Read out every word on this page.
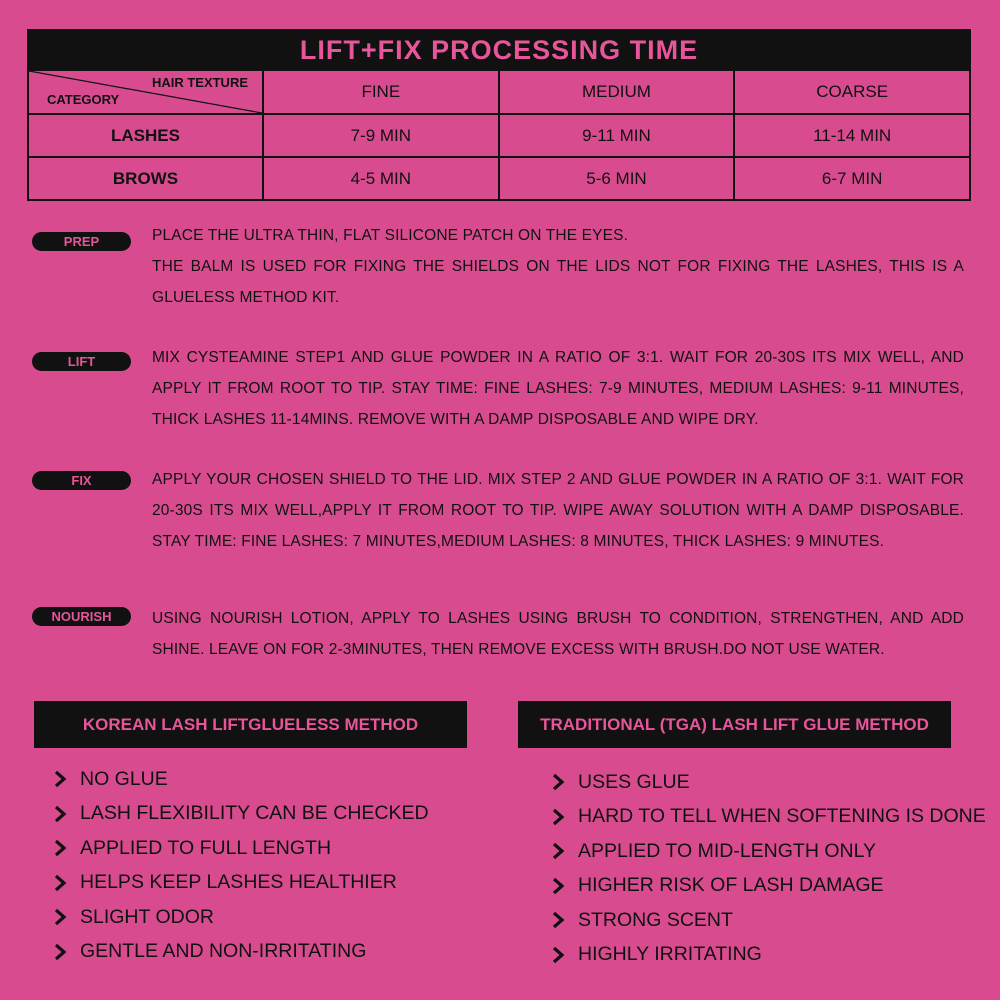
LIFT+FIX PROCESSING TIME
HAIR TEXTURE
CATEGORY	FINE	MEDIUM	COARSE
LASHES	7-9 MIN	9-11 MIN	11-14 MIN
BROWS	4-5 MIN	5-6 MIN	6-7 MIN
PREP	PLACE THE ULTRA THIN, FLAT SILICONE PATCH ON THE EYES.

THE BALM IS USED FOR FIXING THE SHIELDS ON THE LIDS NOT FOR FIXING THE LASHES, THIS IS A GLUELESS METHOD KIT.

LIFT	MIX CYSTEAMINE STEP1 AND GLUE POWDER IN A RATIO OF 3:1. WAIT FOR 20-30S ITS MIX WELL, AND APPLY IT FROM ROOT TO TIP. STAY TIME: FINE LASHES: 7-9 MINUTES, MEDIUM LASHES: 9-11 MINUTES, THICK LASHES 11-14MINS. REMOVE WITH A DAMP DISPOSABLE AND WIPE DRY.

FIX	APPLY YOUR CHOSEN SHIELD TO THE LID. MIX STEP 2 AND GLUE POWDER IN A RATIO OF 3:1. WAIT FOR 20-30S ITS MIX WELL,APPLY IT FROM ROOT TO TIP. WIPE AWAY SOLUTION WITH A DAMP DISPOSABLE. STAY TIME: FINE LASHES: 7 MINUTES,MEDIUM LASHES: 8 MINUTES, THICK LASHES: 9 MINUTES.

NOURISH	USING NOURISH LOTION, APPLY TO LASHES USING BRUSH TO CONDITION, STRENGTHEN, AND ADD SHINE. LEAVE ON FOR 2-3MINUTES, THEN REMOVE EXCESS WITH BRUSH.DO NOT USE WATER.

KOREAN LASH LIFTGLUELESS METHOD	TRADITIONAL (TGA) LASH LIFT GLUE METHOD
NO GLUE
LASH FLEXIBILITY CAN BE CHECKED
APPLIED TO FULL LENGTH
HELPS KEEP LASHES HEALTHIER
SLIGHT ODOR
GENTLE AND NON-IRRITATING
USES GLUE
HARD TO TELL WHEN SOFTENING IS DONE
APPLIED TO MID-LENGTH ONLY
HIGHER RISK OF LASH DAMAGE
STRONG SCENT
HIGHLY IRRITATING
